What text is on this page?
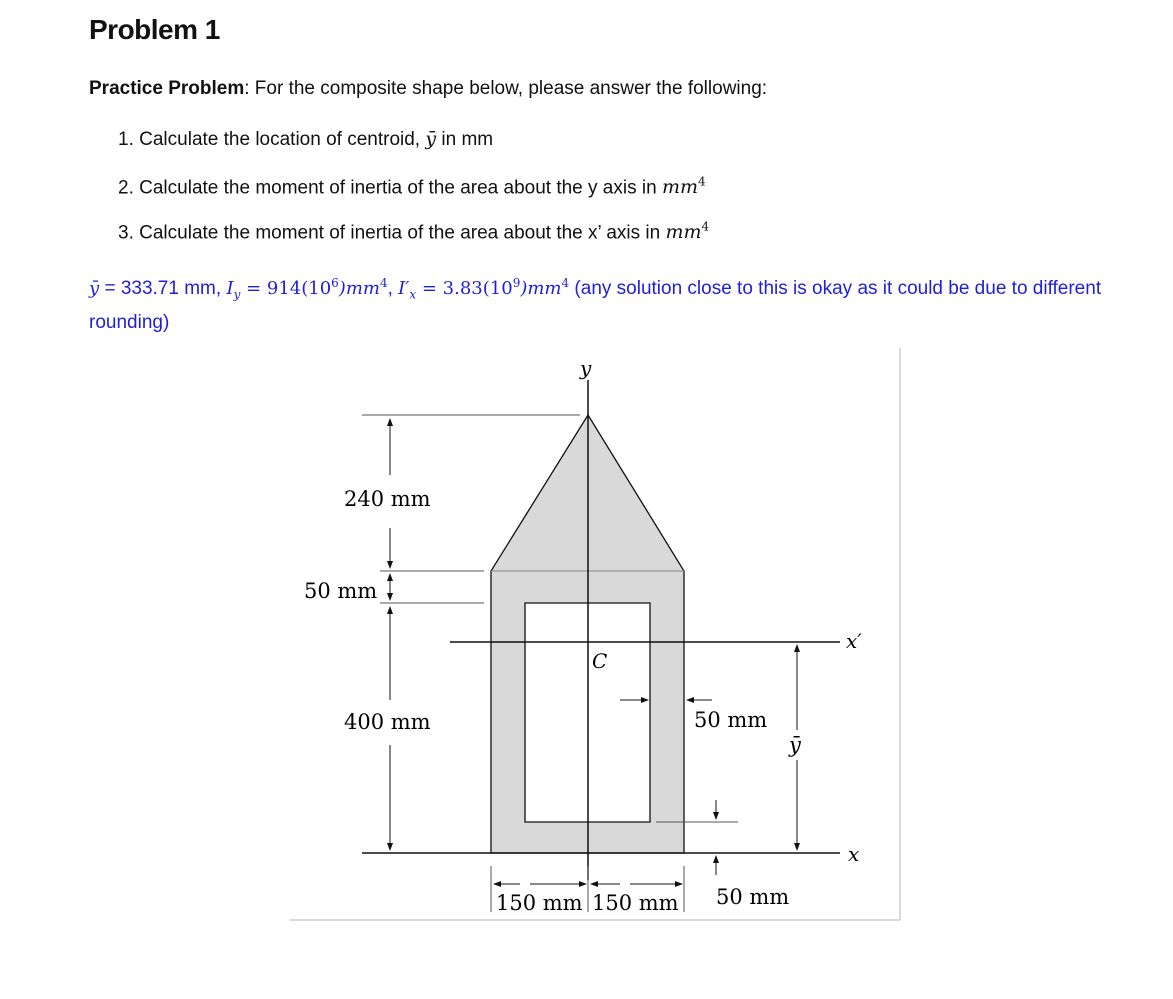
Problem 1
Practice Problem: For the composite shape below, please answer the following:
1. Calculate the location of centroid, ȳ in mm
2. Calculate the moment of inertia of the area about the y axis in $mm^4$
3. Calculate the moment of inertia of the area about the x’ axis in $mm^4$
ȳ = 333.71 mm, $I_y = 914(10^6)mm^4$, $I'_x = 3.83(10^9)mm^4$ (any solution close to this is okay as it could be due to different rounding)
y
x
x′
C
240 mm
50 mm
400 mm	50 mm
ȳ
50 mm
150 mm 150 mm
